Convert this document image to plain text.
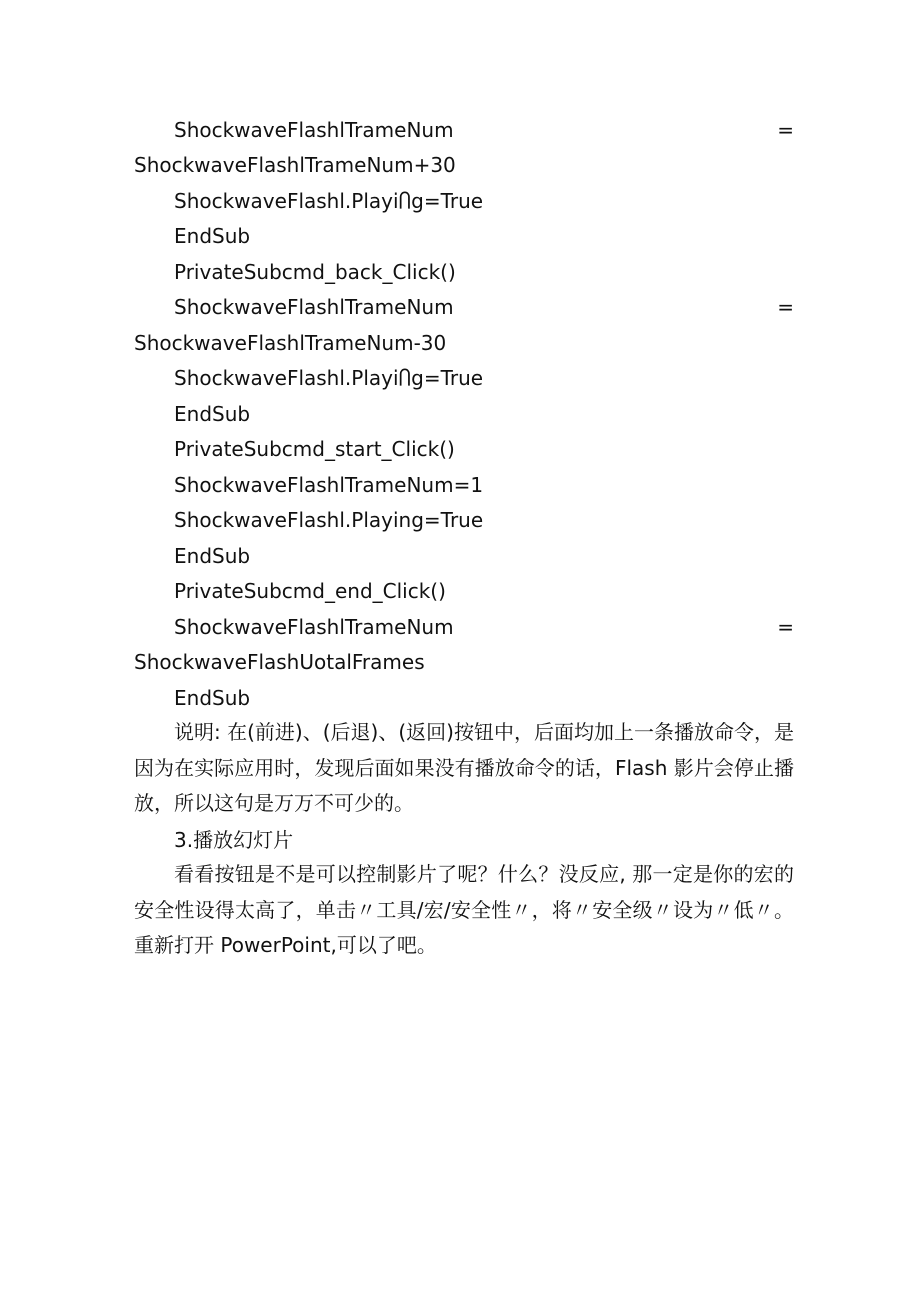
ShockwaveFlashlTrameNum	=
ShockwaveFlashlTrameNum+30
ShockwaveFlashl.PlayiႶg=True
EndSub
PrivateSubcmd_back_Click()
ShockwaveFlashlTrameNum	=
ShockwaveFlashlTrameNum-30
ShockwaveFlashl.PlayiႶg=True
EndSub
PrivateSubcmd_start_Click()
ShockwaveFlashlTrameNum=1
ShockwaveFlashl.Playing=True
EndSub
PrivateSubcmd_end_Click()
ShockwaveFlashlTrameNum	=
ShockwaveFlashUotalFrames
EndSub

说明: 在(前进)、(后退)、(返回)按钮中，后面均加上一条播放命令，是因为在实际应用时，发现后面如果没有播放命令的话，Flash 影片会停止播放，所以这句是万万不可少的。

3.播放幻灯片

看看按钮是不是可以控制影片了呢？什么？没反应, 那一定是你的宏的安全性设得太高了，单击〃工具/宏/安全性〃，将〃安全级〃设为〃低〃。重新打开 PowerPoint,可以了吧。
